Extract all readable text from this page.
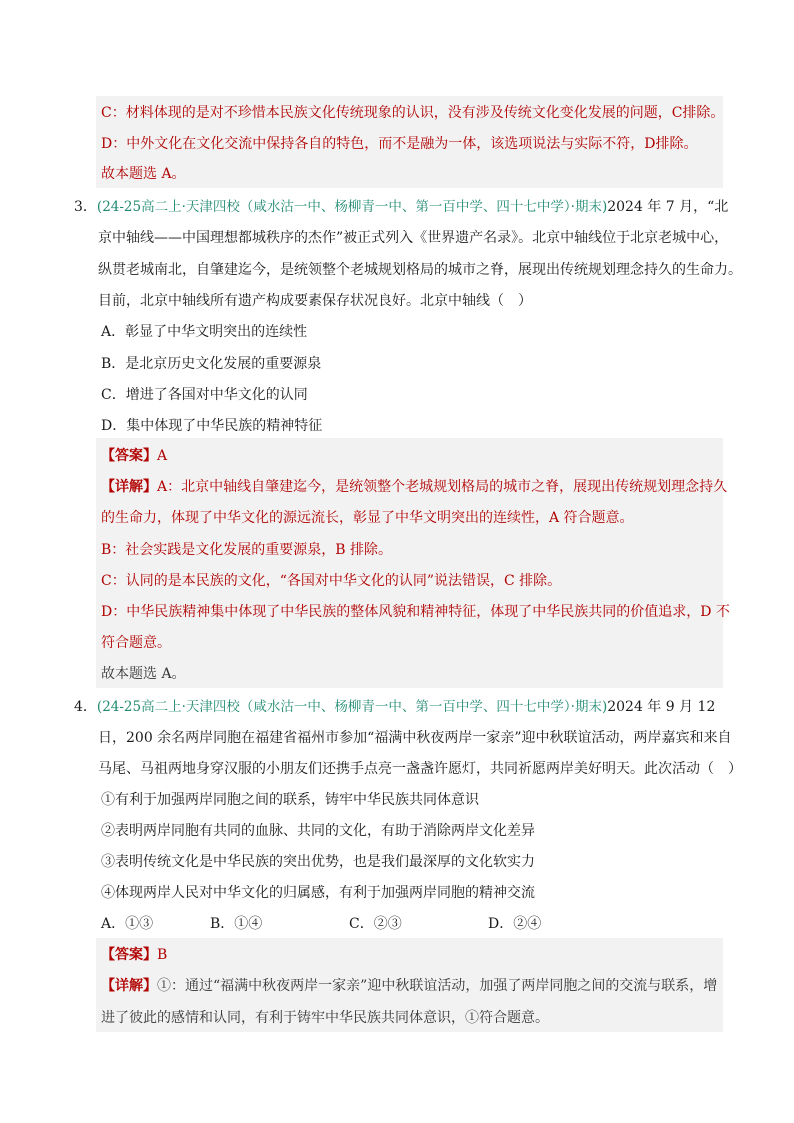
C：材料体现的是对不珍惜本民族文化传统现象的认识，没有涉及传统文化变化发展的问题，C排除。
D：中外文化在文化交流中保持各自的特色，而不是融为一体，该选项说法与实际不符，D排除。
故本题选 A。
3．(24-25高二上·天津四校（咸水沽一中、杨柳青一中、第一百中学、四十七中学）·期末)2024 年 7 月，“北
京中轴线——中国理想都城秩序的杰作”被正式列入《世界遗产名录》。北京中轴线位于北京老城中心，
纵贯老城南北，自肇建迄今，是统领整个老城规划格局的城市之脊，展现出传统规划理念持久的生命力。
目前，北京中轴线所有遗产构成要素保存状况良好。北京中轴线（　）
A．彰显了中华文明突出的连续性
B．是北京历史文化发展的重要源泉
C．增进了各国对中华文化的认同
D．集中体现了中华民族的精神特征
【答案】A
【详解】A：北京中轴线自肇建迄今，是统领整个老城规划格局的城市之脊，展现出传统规划理念持久
的生命力，体现了中华文化的源远流长，彰显了中华文明突出的连续性，A 符合题意。
B：社会实践是文化发展的重要源泉，B 排除。
C：认同的是本民族的文化，“各国对中华文化的认同”说法错误，C 排除。
D：中华民族精神集中体现了中华民族的整体风貌和精神特征，体现了中华民族共同的价值追求，D 不
符合题意。
故本题选 A。
4．(24-25高二上·天津四校（咸水沽一中、杨柳青一中、第一百中学、四十七中学）·期末)2024 年 9 月 12
日，200 余名两岸同胞在福建省福州市参加“福满中秋夜两岸一家亲”迎中秋联谊活动，两岸嘉宾和来自
马尾、马祖两地身穿汉服的小朋友们还携手点亮一盏盏许愿灯，共同祈愿两岸美好明天。此次活动（　）
①有利于加强两岸同胞之间的联系，铸牢中华民族共同体意识
②表明两岸同胞有共同的血脉、共同的文化，有助于消除两岸文化差异
③表明传统文化是中华民族的突出优势，也是我们最深厚的文化软实力
④体现两岸人民对中华文化的归属感，有利于加强两岸同胞的精神交流
A．①③	B．①④	C．②③	D．②④
【答案】B
【详解】①：通过“福满中秋夜两岸一家亲”迎中秋联谊活动，加强了两岸同胞之间的交流与联系，增
进了彼此的感情和认同，有利于铸牢中华民族共同体意识，①符合题意。
